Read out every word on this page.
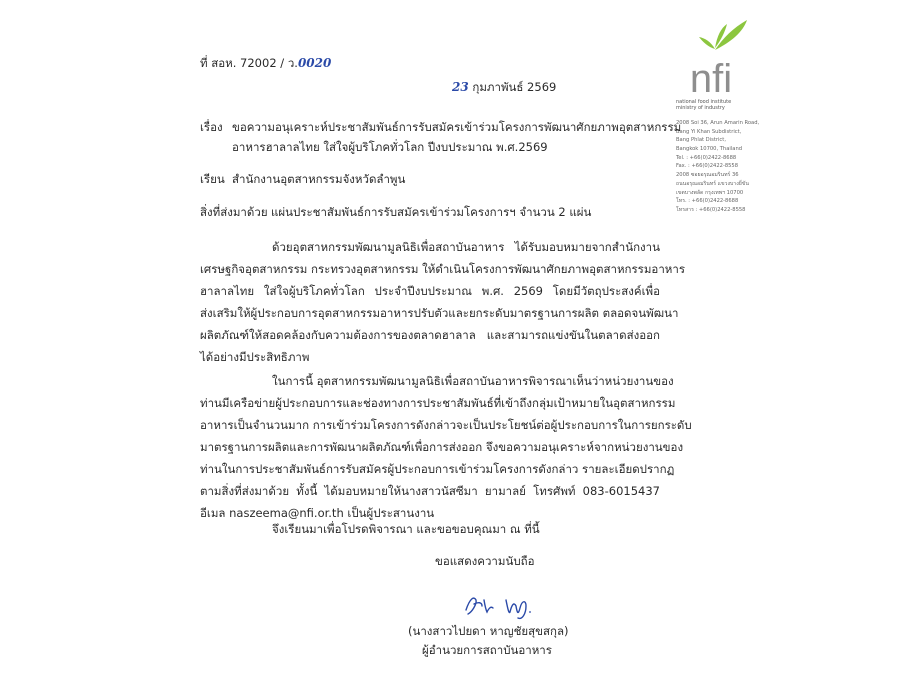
nfi
national food institute
ministry of industry
2008 Soi 36, Arun Amarin Road,
Bang Yi Khan Subdistrict,
Bang Phlat District,
Bangkok 10700, Thailand
Tel. : +66(0)2422-8688
Fax. : +66(0)2422-8558
2008 ซอยอรุณอมรินทร์ 36
ถนนอรุณอมรินทร์ แขวงบางยี่ขัน
เขตบางพลัด กรุงเทพฯ 10700
โทร. : +66(0)2422-8688
โทรสาร : +66(0)2422-8558
ที่ สอห. 72002 / ว.0020
23 กุมภาพันธ์ 2569
เรื่อง ขอความอนุเคราะห์ประชาสัมพันธ์การรับสมัครเข้าร่วมโครงการพัฒนาศักยภาพอุตสาหกรรม
อาหารฮาลาลไทย ใส่ใจผู้บริโภคทั่วโลก ปีงบประมาณ พ.ศ.2569
เรียน สำนักงานอุตสาหกรรมจังหวัดลำพูน
สิ่งที่ส่งมาด้วย แผ่นประชาสัมพันธ์การรับสมัครเข้าร่วมโครงการฯ จำนวน 2 แผ่น
ด้วยอุตสาหกรรมพัฒนามูลนิธิเพื่อสถาบันอาหาร ได้รับมอบหมายจากสำนักงาน
เศรษฐกิจอุตสาหกรรม กระทรวงอุตสาหกรรม ให้ดำเนินโครงการพัฒนาศักยภาพอุตสาหกรรมอาหาร
ฮาลาลไทย ใส่ใจผู้บริโภคทั่วโลก ประจำปีงบประมาณ พ.ศ. 2569 โดยมีวัตถุประสงค์เพื่อ
ส่งเสริมให้ผู้ประกอบการอุตสาหกรรมอาหารปรับตัวและยกระดับมาตรฐานการผลิต ตลอดจนพัฒนา
ผลิตภัณฑ์ให้สอดคล้องกับความต้องการของตลาดฮาลาล และสามารถแข่งขันในตลาดส่งออก
ได้อย่างมีประสิทธิภาพ
ในการนี้ อุตสาหกรรมพัฒนามูลนิธิเพื่อสถาบันอาหารพิจารณาเห็นว่าหน่วยงานของ
ท่านมีเครือข่ายผู้ประกอบการและช่องทางการประชาสัมพันธ์ที่เข้าถึงกลุ่มเป้าหมายในอุตสาหกรรม
อาหารเป็นจำนวนมาก การเข้าร่วมโครงการดังกล่าวจะเป็นประโยชน์ต่อผู้ประกอบการในการยกระดับ
มาตรฐานการผลิตและการพัฒนาผลิตภัณฑ์เพื่อการส่งออก จึงขอความอนุเคราะห์จากหน่วยงานของ
ท่านในการประชาสัมพันธ์การรับสมัครผู้ประกอบการเข้าร่วมโครงการดังกล่าว รายละเอียดปรากฏ
ตามสิ่งที่ส่งมาด้วย ทั้งนี้ ได้มอบหมายให้นางสาวนัสซีมา ยามาลย์ โทรศัพท์ 083-6015437
อีเมล naszeema@nfi.or.th เป็นผู้ประสานงาน
จึงเรียนมาเพื่อโปรดพิจารณา และขอขอบคุณมา ณ ที่นี้
ขอแสดงความนับถือ
(นางสาวไปยดา หาญชัยสุขสกุล)
ผู้อำนวยการสถาบันอาหาร
